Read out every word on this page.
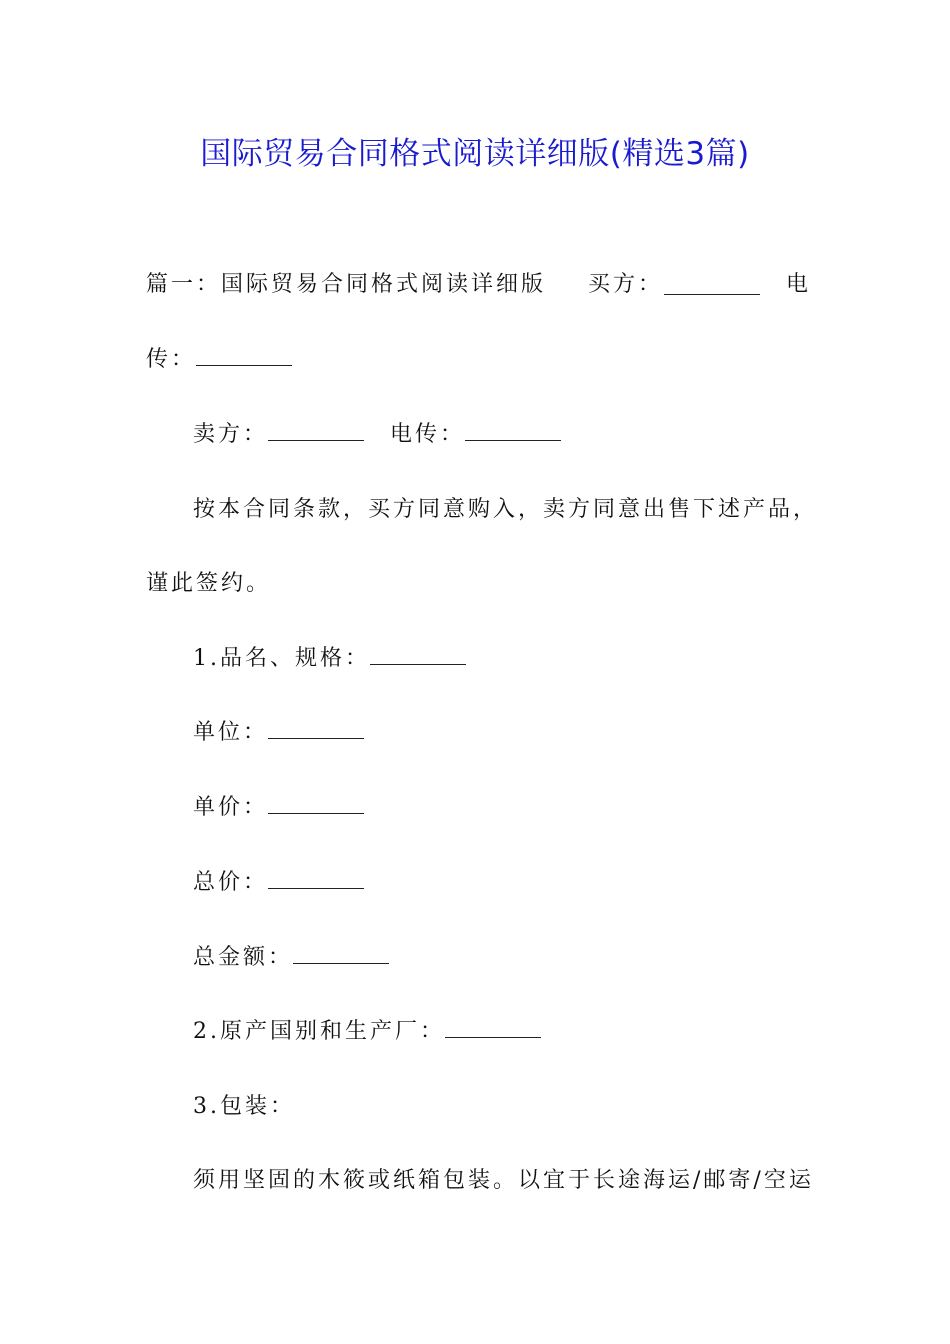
国际贸易合同格式阅读详细版(精选3篇)
篇一：国际贸易合同格式阅读详细版 买方：	电
传：
卖方：	电传：
按本合同条款，买方同意购入，卖方同意出售下述产品，
谨此签约。
1.品名、规格：
单位：
单价：
总价：
总金额：
2.原产国别和生产厂：
3.包装：
须用坚固的木筱或纸箱包装。以宜于长途海运/邮寄/空运
